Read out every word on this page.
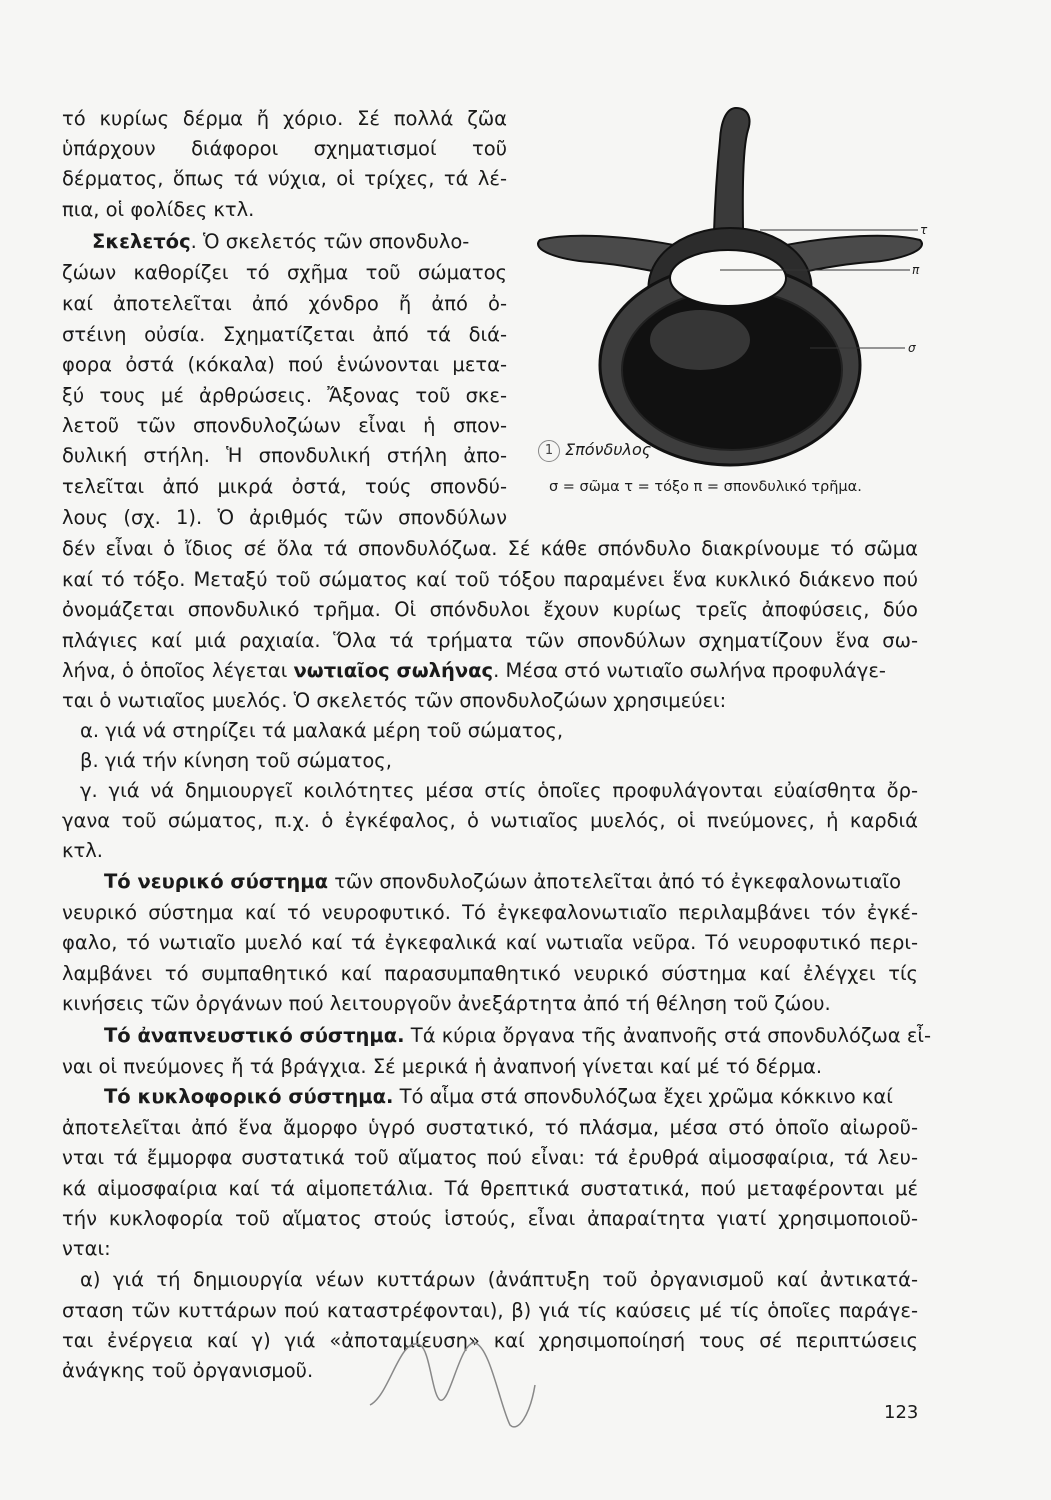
τό κυρίως δέρμα ἤ χόριο. Σέ πολλά ζῶα
ὑπάρχουν διάφοροι σχηματισμοί τοῦ
δέρματος, ὅπως τά νύχια, οἱ τρίχες, τά λέ-
πια, οἱ φολίδες κτλ.
Σκελετός. Ὁ σκελετός τῶν σπονδυλο-
ζώων καθορίζει τό σχῆμα τοῦ σώματος
καί ἀποτελεῖται ἀπό χόνδρο ἤ ἀπό ὀ-
στέινη οὐσία. Σχηματίζεται ἀπό τά διά-
φορα ὀστά (κόκαλα) πού ἑνώνονται μετα-
ξύ τους μέ ἀρθρώσεις. Ἄξονας τοῦ σκε-
λετοῦ τῶν σπονδυλοζώων εἶναι ἡ σπον-
δυλική στήλη. Ἡ σπονδυλική στήλη ἀπο-
τελεῖται ἀπό μικρά ὀστά, τούς σπονδύ-
λους (σχ. 1). Ὁ ἀριθμός τῶν σπονδύλων
δέν εἶναι ὁ ἴδιος σέ ὅλα τά σπονδυλόζωα. Σέ κάθε σπόνδυλο διακρίνουμε τό σῶμα
καί τό τόξο. Μεταξύ τοῦ σώματος καί τοῦ τόξου παραμένει ἕνα κυκλικό διάκενο πού
ὀνομάζεται σπονδυλικό τρῆμα. Οἱ σπόνδυλοι ἔχουν κυρίως τρεῖς ἀποφύσεις, δύο
πλάγιες καί μιά ραχιαία. Ὅλα τά τρήματα τῶν σπονδύλων σχηματίζουν ἕνα σω-
λήνα, ὁ ὁποῖος λέγεται νωτιαῖος σωλήνας. Μέσα στό νωτιαῖο σωλήνα προφυλάγε-
ται ὁ νωτιαῖος μυελός. Ὁ σκελετός τῶν σπονδυλοζώων χρησιμεύει:
α. γιά νά στηρίζει τά μαλακά μέρη τοῦ σώματος,
β. γιά τήν κίνηση τοῦ σώματος,
γ. γιά νά δημιουργεῖ κοιλότητες μέσα στίς ὁποῖες προφυλάγονται εὐαίσθητα ὄρ-
γανα τοῦ σώματος, π.χ. ὁ ἐγκέφαλος, ὁ νωτιαῖος μυελός, οἱ πνεύμονες, ἡ καρδιά
κτλ.
Τό νευρικό σύστημα τῶν σπονδυλοζώων ἀποτελεῖται ἀπό τό ἐγκεφαλονωτιαῖο
νευρικό σύστημα καί τό νευροφυτικό. Τό ἐγκεφαλονωτιαῖο περιλαμβάνει τόν ἐγκέ-
φαλο, τό νωτιαῖο μυελό καί τά ἐγκεφαλικά καί νωτιαῖα νεῦρα. Τό νευροφυτικό περι-
λαμβάνει τό συμπαθητικό καί παρασυμπαθητικό νευρικό σύστημα καί ἐλέγχει τίς
κινήσεις τῶν ὀργάνων πού λειτουργοῦν ἀνεξάρτητα ἀπό τή θέληση τοῦ ζώου.
Τό ἀναπνευστικό σύστημα. Τά κύρια ὄργανα τῆς ἀναπνοῆς στά σπονδυλόζωα εἶ-
ναι οἱ πνεύμονες ἤ τά βράγχια. Σέ μερικά ἡ ἀναπνοή γίνεται καί μέ τό δέρμα.
Τό κυκλοφορικό σύστημα. Τό αἷμα στά σπονδυλόζωα ἔχει χρῶμα κόκκινο καί
ἀποτελεῖται ἀπό ἕνα ἄμορφο ὑγρό συστατικό, τό πλάσμα, μέσα στό ὁποῖο αἰωροῦ-
νται τά ἔμμορφα συστατικά τοῦ αἵματος πού εἶναι: τά ἐρυθρά αἱμοσφαίρια, τά λευ-
κά αἱμοσφαίρια καί τά αἱμοπετάλια. Τά θρεπτικά συστατικά, πού μεταφέρονται μέ
τήν κυκλοφορία τοῦ αἵματος στούς ἱστούς, εἶναι ἀπαραίτητα γιατί χρησιμοποιοῦ-
νται:
α) γιά τή δημιουργία νέων κυττάρων (ἀνάπτυξη τοῦ ὀργανισμοῦ καί ἀντικατά-
σταση τῶν κυττάρων πού καταστρέφονται), β) γιά τίς καύσεις μέ τίς ὁποῖες παράγε-
ται ἐνέργεια καί γ) γιά «ἀποταμίευση» καί χρησιμοποίησή τους σέ περιπτώσεις
ἀνάγκης τοῦ ὀργανισμοῦ.
τ
π
σ
1 Σπόνδυλος
σ = σῶμα τ = τόξο π = σπονδυλικό τρῆμα.
123
